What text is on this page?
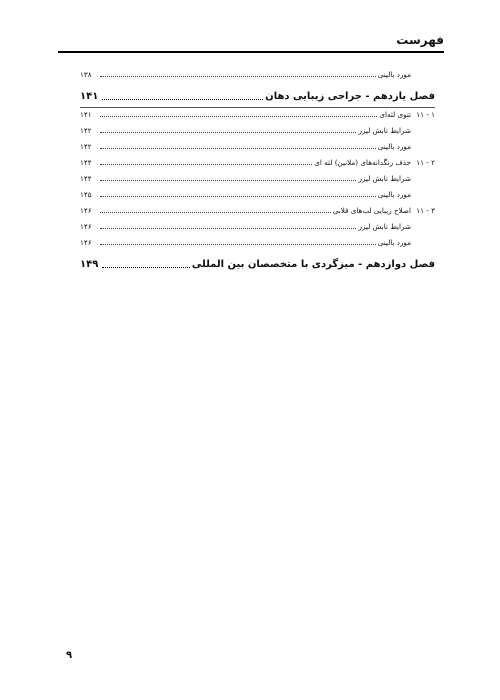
فهرست
مورد بالینی
۱۳۸
فصل یازدهم - جراحی زیبایی دهان
۱۴۱
۱ - ۱۱
تتوی لثه‌ای
۱۴۱
شرایط تابش لیزر
۱۴۲
مورد بالینی
۱۴۲
۲ - ۱۱
حذف رنگدانه‌های (ملانین) لثه ای
۱۴۴
شرایط تابش لیزر
۱۴۴
مورد بالینی
۱۴۵
۳ - ۱۱
اصلاح زیبایی لب‌های قلابی
۱۴۶
شرایط تابش لیزر
۱۴۶
مورد بالینی
۱۴۶
فصل دوازدهم - میزگردی با متخصصان بین المللی
۱۴۹
۹
